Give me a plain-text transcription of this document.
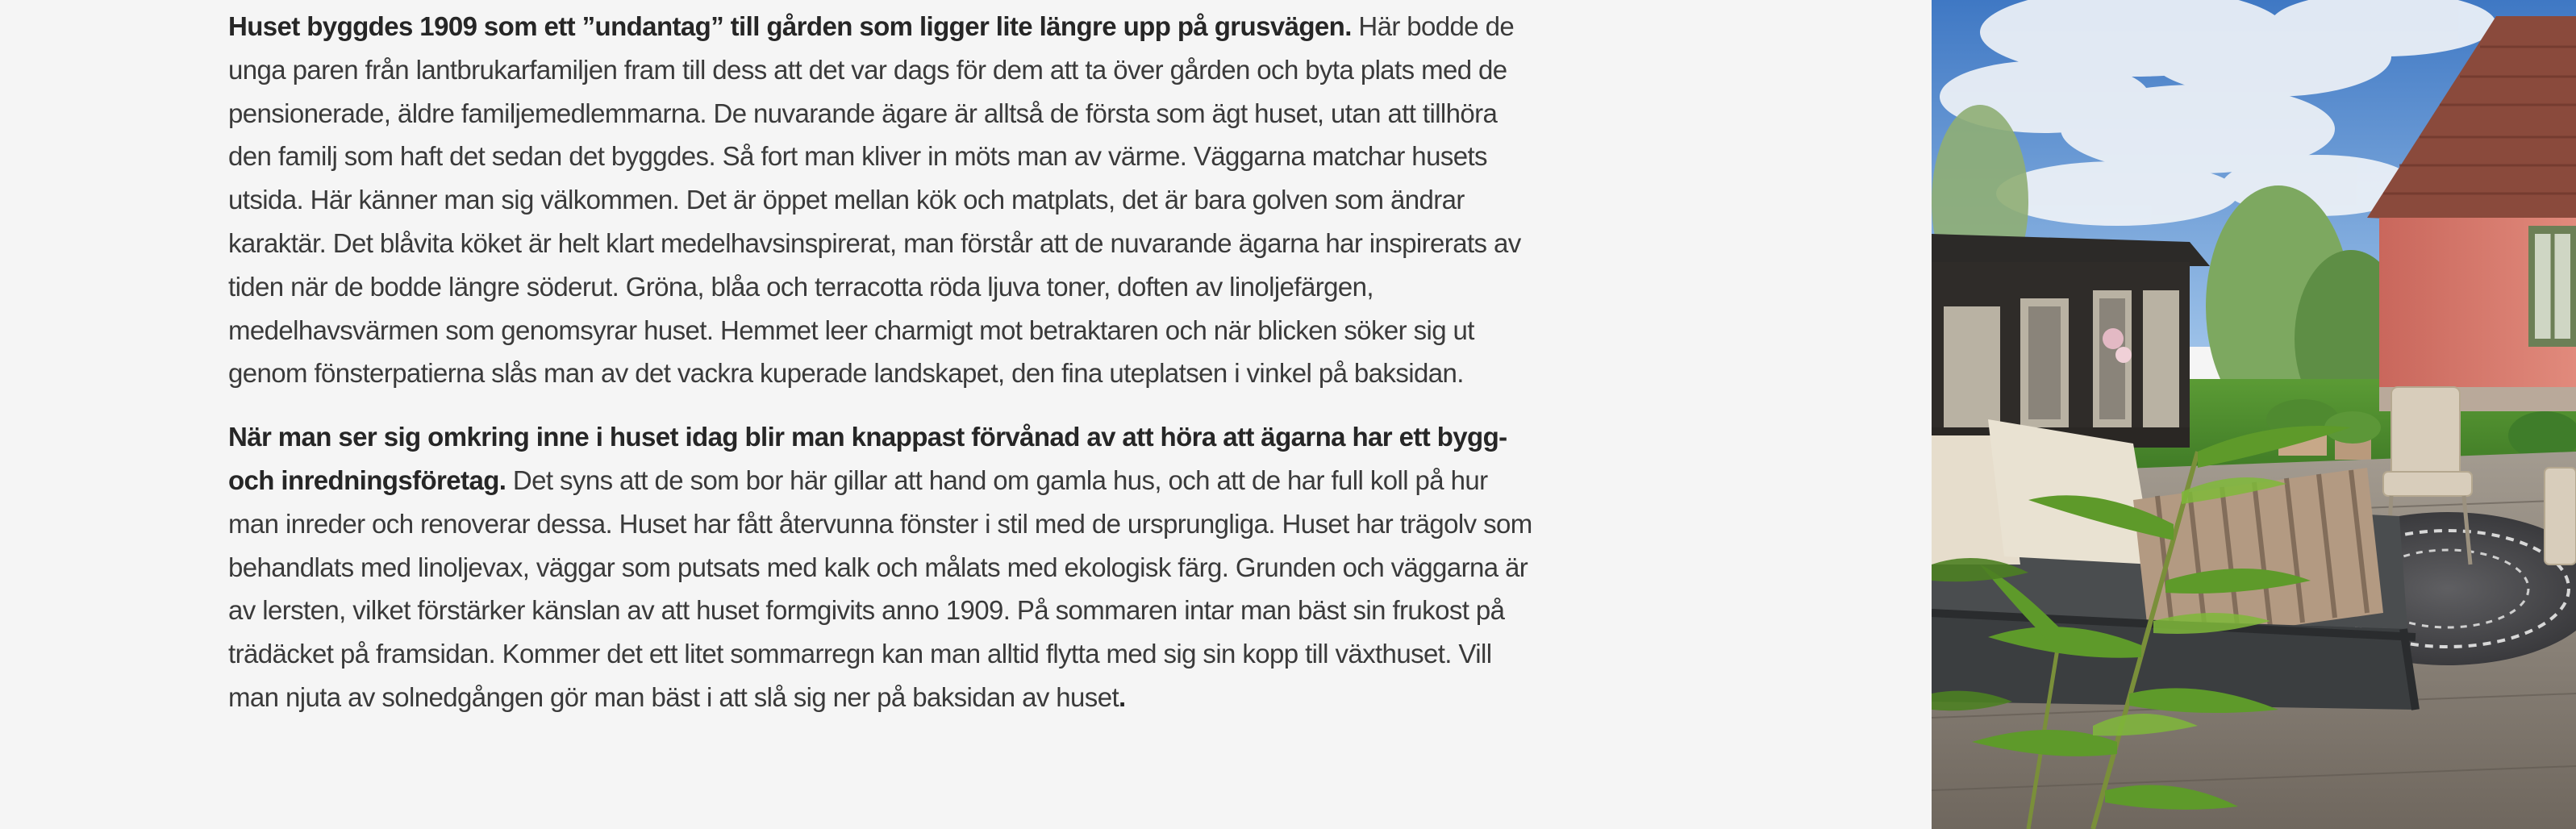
Huset byggdes 1909 som ett ”undantag” till gården som ligger lite längre upp på grusvägen. Här bodde de unga paren från lantbrukarfamiljen fram till dess att det var dags för dem att ta över gården och byta plats med de pensionerade, äldre familjemedlemmarna. De nuvarande ägare är alltså de första som ägt huset, utan att tillhöra den familj som haft det sedan det byggdes. Så fort man kliver in möts man av värme. Väggarna matchar husets utsida. Här känner man sig välkommen. Det är öppet mellan kök och matplats, det är bara golven som ändrar karaktär. Det blåvita köket är helt klart medelhavsinspirerat, man förstår att de nuvarande ägarna har inspirerats av tiden när de bodde längre söderut. Gröna, blåa och terracotta röda ljuva toner, doften av linoljefärgen, medelhavsvärmen som genomsyrar huset. Hemmet leer charmigt mot betraktaren och när blicken söker sig ut genom fönsterpatierna slås man av det vackra kuperade landskapet, den fina uteplatsen i vinkel på baksidan.

När man ser sig omkring inne i huset idag blir man knappast förvånad av att höra att ägarna har ett bygg- och inredningsföretag. Det syns att de som bor här gillar att hand om gamla hus, och att de har full koll på hur man inreder och renoverar dessa. Huset har fått återvunna fönster i stil med de ursprungliga. Huset har trägolv som behandlats med linoljevax, väggar som putsats med kalk och målats med ekologisk färg. Grunden och väggarna är av lersten, vilket förstärker känslan av att huset formgivits anno 1909. På sommaren intar man bäst sin frukost på trädäcket på framsidan. Kommer det ett litet sommarregn kan man alltid flytta med sig sin kopp till växthuset. Vill man njuta av solnedgången gör man bäst i att slå sig ner på baksidan av huset.
